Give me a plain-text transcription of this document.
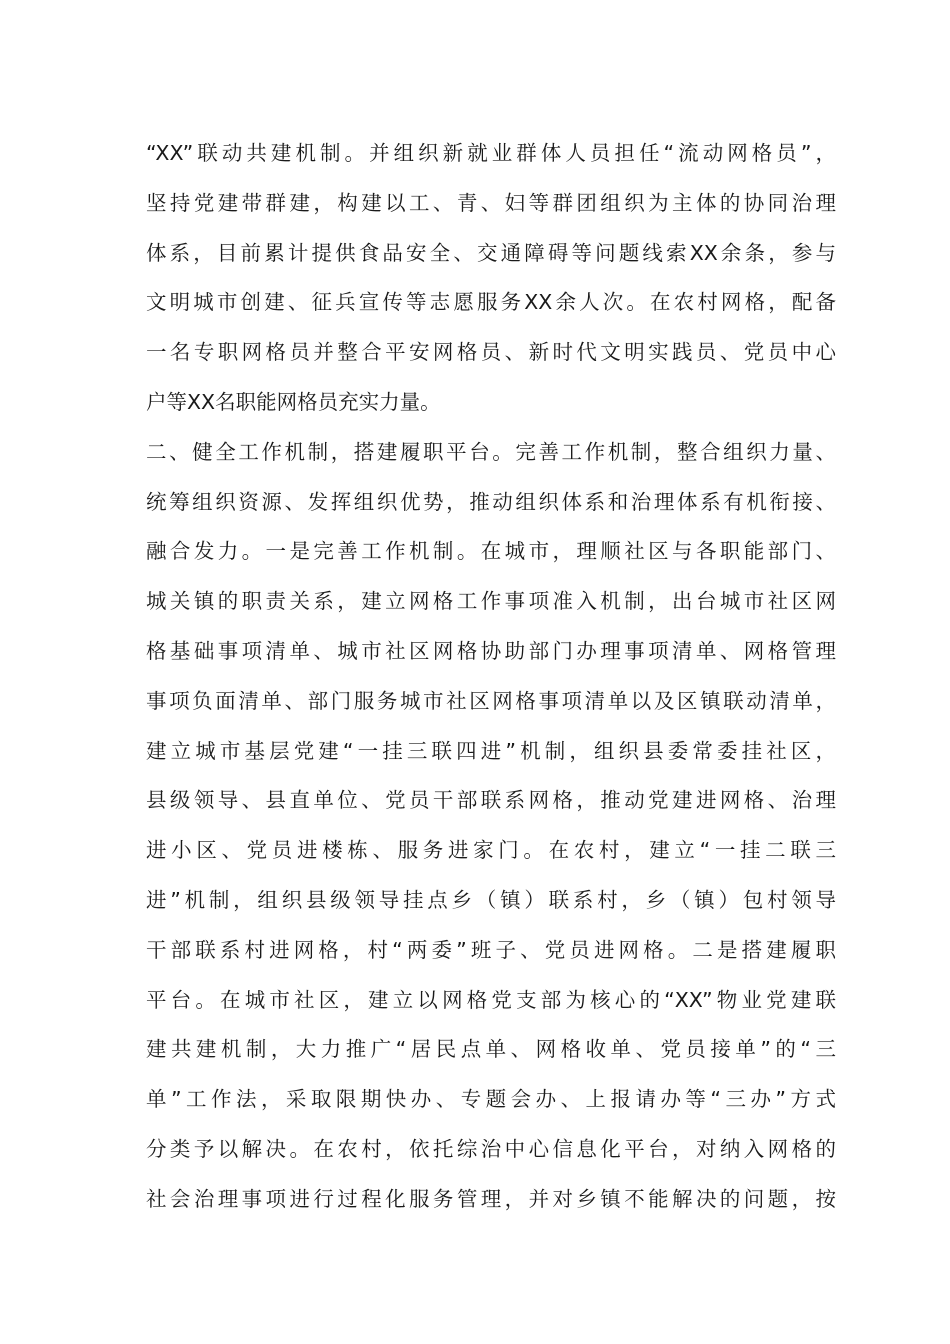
“XX”联动共建机制。并组织新就业群体人员担任“流动网格员”，
坚持党建带群建，构建以工、青、妇等群团组织为主体的协同治理
体系，目前累计提供食品安全、交通障碍等问题线索XX余条，参与
文明城市创建、征兵宣传等志愿服务XX余人次。在农村网格，配备
一名专职网格员并整合平安网格员、新时代文明实践员、党员中心
户等XX名职能网格员充实力量。
二、健全工作机制，搭建履职平台。完善工作机制，整合组织力量、
统筹组织资源、发挥组织优势，推动组织体系和治理体系有机衔接、
融合发力。一是完善工作机制。在城市，理顺社区与各职能部门、
城关镇的职责关系，建立网格工作事项准入机制，出台城市社区网
格基础事项清单、城市社区网格协助部门办理事项清单、网格管理
事项负面清单、部门服务城市社区网格事项清单以及区镇联动清单，
建立城市基层党建“一挂三联四进”机制，组织县委常委挂社区，
县级领导、县直单位、党员干部联系网格，推动党建进网格、治理
进小区、党员进楼栋、服务进家门。在农村，建立“一挂二联三
进”机制，组织县级领导挂点乡（镇）联系村，乡（镇）包村领导
干部联系村进网格，村“两委”班子、党员进网格。二是搭建履职
平台。在城市社区，建立以网格党支部为核心的“XX”物业党建联
建共建机制，大力推广“居民点单、网格收单、党员接单”的“三
单”工作法，采取限期快办、专题会办、上报请办等“三办”方式
分类予以解决。在农村，依托综治中心信息化平台，对纳入网格的
社会治理事项进行过程化服务管理，并对乡镇不能解决的问题，按
